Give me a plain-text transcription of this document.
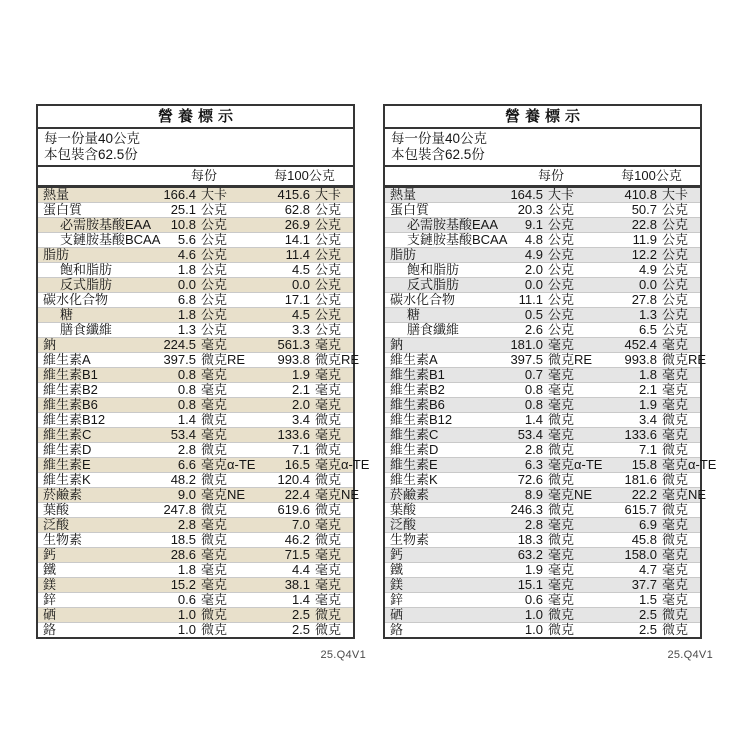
營養標示
每一份量40公克
本包裝含62.5份
	每份		每100公克	
熱量	166.4	大卡	415.6	大卡
蛋白質	25.1	公克	62.8	公克
必需胺基酸EAA	10.8	公克	26.9	公克
支鏈胺基酸BCAA	5.6	公克	14.1	公克
脂肪	4.6	公克	11.4	公克
飽和脂肪	1.8	公克	4.5	公克
反式脂肪	0.0	公克	0.0	公克
碳水化合物	6.8	公克	17.1	公克
糖	1.8	公克	4.5	公克
膳食纖維	1.3	公克	3.3	公克
鈉	224.5	毫克	561.3	毫克
維生素A	397.5	微克RE	993.8	微克RE
維生素B1	0.8	毫克	1.9	毫克
維生素B2	0.8	毫克	2.1	毫克
維生素B6	0.8	毫克	2.0	毫克
維生素B12	1.4	微克	3.4	微克
維生素C	53.4	毫克	133.6	毫克
維生素D	2.8	微克	7.1	微克
維生素E	6.6	毫克α-TE	16.5	毫克α-TE
維生素K	48.2	微克	120.4	微克
菸鹼素	9.0	毫克NE	22.4	毫克NE
葉酸	247.8	微克	619.6	微克
泛酸	2.8	毫克	7.0	毫克
生物素	18.5	微克	46.2	微克
鈣	28.6	毫克	71.5	毫克
鐵	1.8	毫克	4.4	毫克
鎂	15.2	毫克	38.1	毫克
鋅	0.6	毫克	1.4	毫克
硒	1.0	微克	2.5	微克
鉻	1.0	微克	2.5	微克
25.Q4V1
營養標示
每一份量40公克
本包裝含62.5份
	每份		每100公克	
熱量	164.5	大卡	410.8	大卡
蛋白質	20.3	公克	50.7	公克
必需胺基酸EAA	9.1	公克	22.8	公克
支鏈胺基酸BCAA	4.8	公克	11.9	公克
脂肪	4.9	公克	12.2	公克
飽和脂肪	2.0	公克	4.9	公克
反式脂肪	0.0	公克	0.0	公克
碳水化合物	11.1	公克	27.8	公克
糖	0.5	公克	1.3	公克
膳食纖維	2.6	公克	6.5	公克
鈉	181.0	毫克	452.4	毫克
維生素A	397.5	微克RE	993.8	微克RE
維生素B1	0.7	毫克	1.8	毫克
維生素B2	0.8	毫克	2.1	毫克
維生素B6	0.8	毫克	1.9	毫克
維生素B12	1.4	微克	3.4	微克
維生素C	53.4	毫克	133.6	毫克
維生素D	2.8	微克	7.1	微克
維生素E	6.3	毫克α-TE	15.8	毫克α-TE
維生素K	72.6	微克	181.6	微克
菸鹼素	8.9	毫克NE	22.2	毫克NE
葉酸	246.3	微克	615.7	微克
泛酸	2.8	毫克	6.9	毫克
生物素	18.3	微克	45.8	微克
鈣	63.2	毫克	158.0	毫克
鐵	1.9	毫克	4.7	毫克
鎂	15.1	毫克	37.7	毫克
鋅	0.6	毫克	1.5	毫克
硒	1.0	微克	2.5	微克
鉻	1.0	微克	2.5	微克
25.Q4V1
